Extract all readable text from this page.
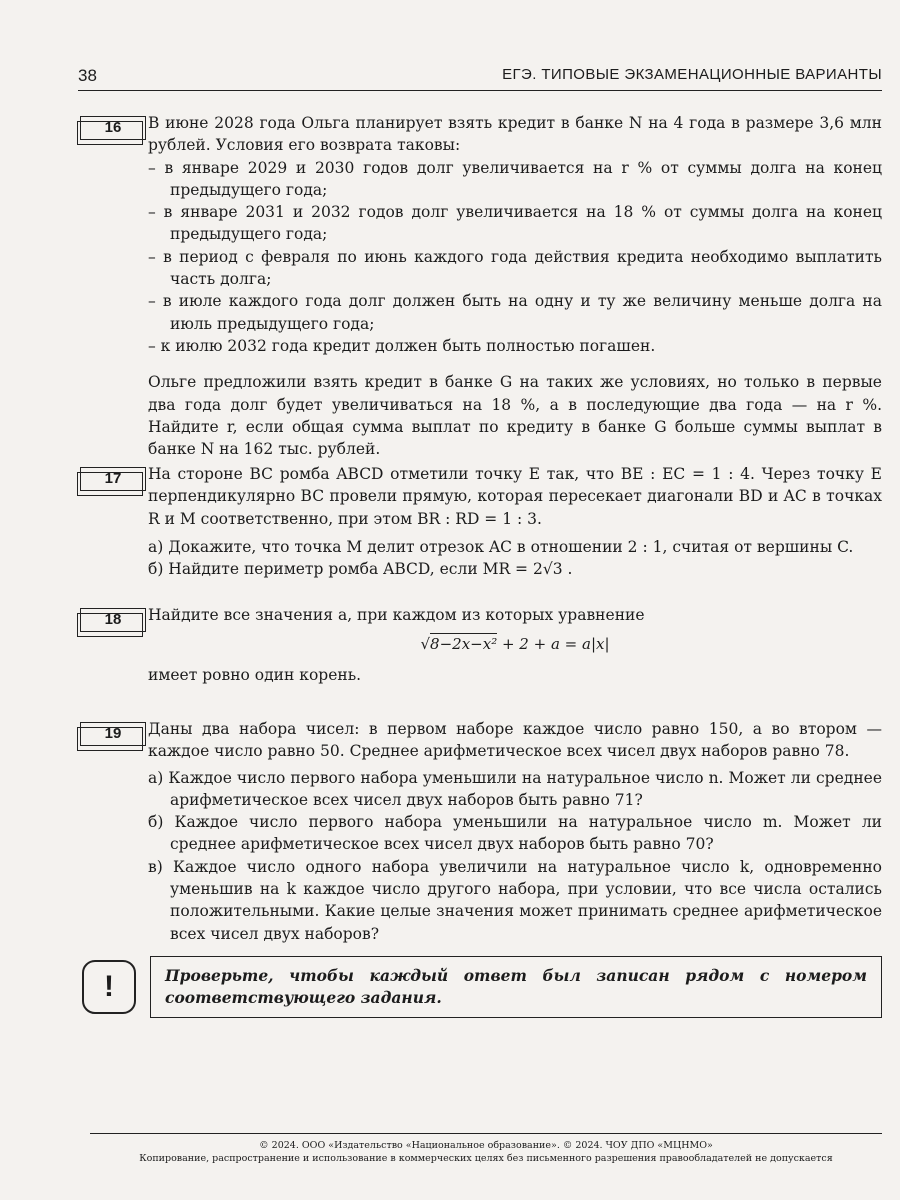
38	ЕГЭ. ТИПОВЫЕ ЭКЗАМЕНАЦИОННЫЕ ВАРИАНТЫ
16	В июне 2028 года Ольга планирует взять кредит в банке N на 4 года в размере 3,6 млн рублей. Условия его возврата таковы:

– в январе 2029 и 2030 годов долг увеличивается на r % от суммы долга на конец предыдущего года;

– в январе 2031 и 2032 годов долг увеличивается на 18 % от суммы долга на конец предыдущего года;

– в период с февраля по июнь каждого года действия кредита необходимо выплатить часть долга;

– в июле каждого года долг должен быть на одну и ту же величину меньше долга на июль предыдущего года;

– к июлю 2032 года кредит должен быть полностью погашен.

Ольге предложили взять кредит в банке G на таких же условиях, но только в первые два года долг будет увеличиваться на 18 %, а в последующие два года — на r %. Найдите r, если общая сумма выплат по кредиту в банке G больше суммы выплат в банке N на 162 тыс. рублей.

17	На стороне BC ромба ABCD отметили точку E так, что BE : EC = 1 : 4. Через точку E перпендикулярно BC провели прямую, которая пересекает диагонали BD и AC в точках R и M соответственно, при этом BR : RD = 1 : 3.

а) Докажите, что точка M делит отрезок AC в отношении 2 : 1, считая от вершины C.

б) Найдите периметр ромба ABCD, если MR = 2√3 .

18	Найдите все значения a, при каждом из которых уравнение

√8−2x−x² + 2 + a = a|x|

имеет ровно один корень.

19	Даны два набора чисел: в первом наборе каждое число равно 150, а во втором — каждое число равно 50. Среднее арифметическое всех чисел двух наборов равно 78.

а) Каждое число первого набора уменьшили на натуральное число n. Может ли среднее арифметическое всех чисел двух наборов быть равно 71?

б) Каждое число первого набора уменьшили на натуральное число m. Может ли среднее арифметическое всех чисел двух наборов быть равно 70?

в) Каждое число одного набора увеличили на натуральное число k, одновременно уменьшив на k каждое число другого набора, при условии, что все числа остались положительными. Какие целые значения может принимать среднее арифметическое всех чисел двух наборов?

!	Проверьте, чтобы каждый ответ был записан рядом с номером соответствующего задания.
© 2024. ООО «Издательство «Национальное образование». © 2024. ЧОУ ДПО «МЦНМО»
Копирование, распространение и использование в коммерческих целях без письменного разрешения правообладателей не допускается
